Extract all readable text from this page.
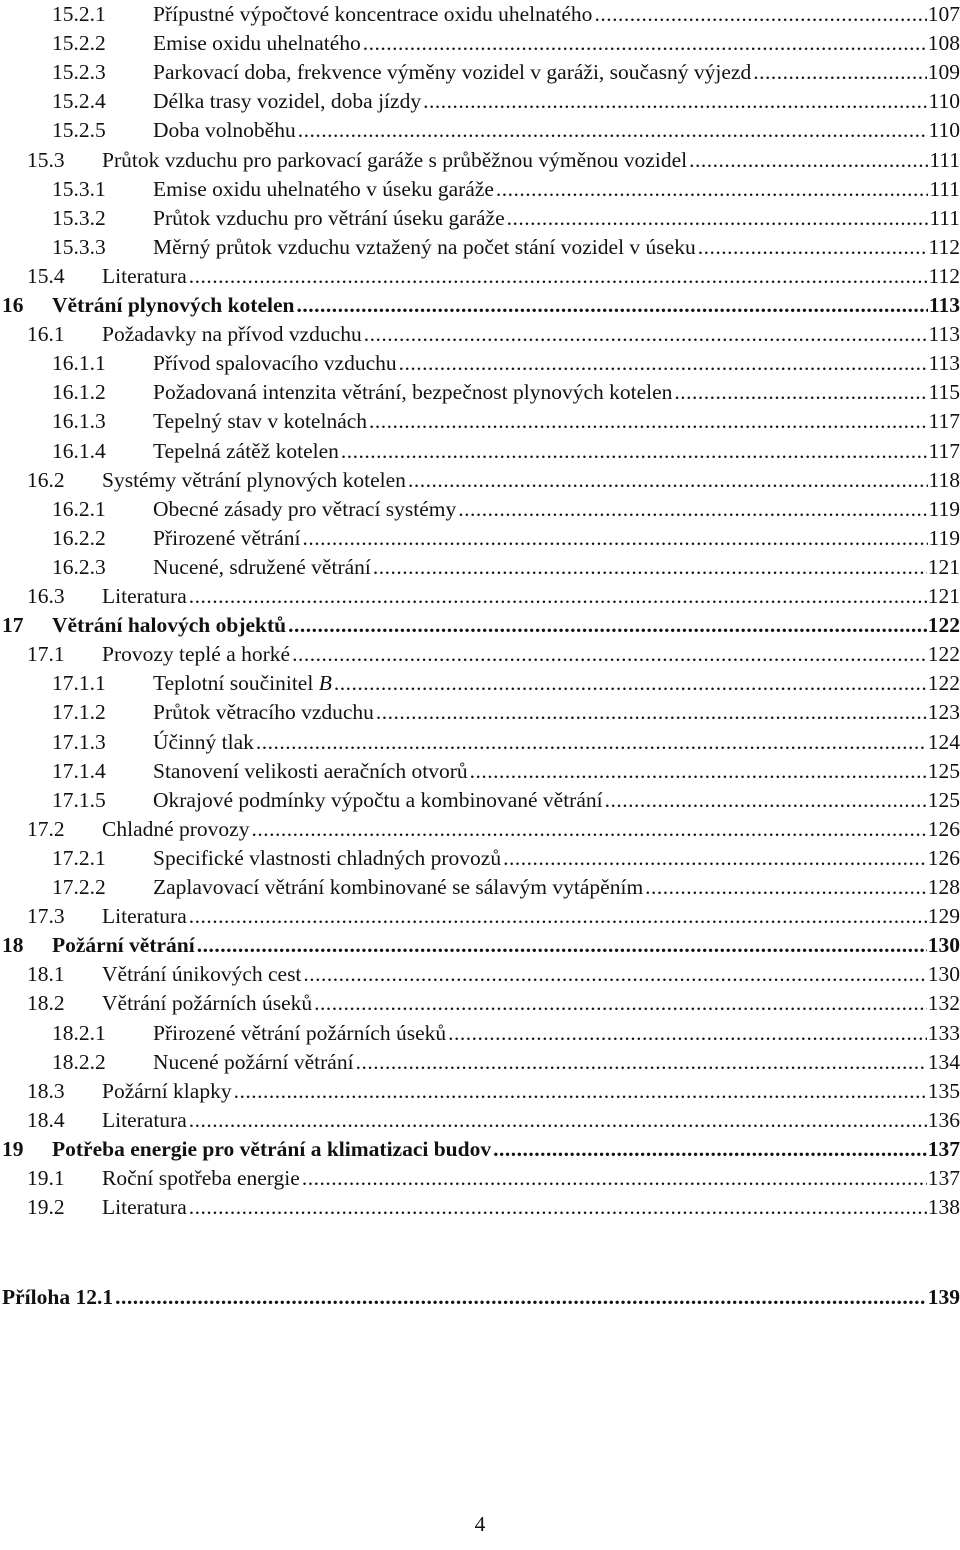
15.2.1 Přípustné výpočtové koncentrace oxidu uhelnatého .....	107
15.2.2 Emise oxidu uhelnatého .....	108
15.2.3 Parkovací doba, frekvence výměny vozidel v garáži, současný výjezd .....	109
15.2.4 Délka trasy vozidel, doba jízdy .....	110
15.2.5 Doba volnoběhu .....	110
15.3 Průtok vzduchu pro parkovací garáže s průběžnou výměnou vozidel .....	111
15.3.1 Emise oxidu uhelnatého v úseku garáže .....	111
15.3.2 Průtok vzduchu pro větrání úseku garáže .....	111
15.3.3 Měrný průtok vzduchu vztažený na počet stání vozidel v úseku .....	112
15.4 Literatura .....	112
16 Větrání plynových kotelen .....	113
16.1 Požadavky na přívod vzduchu .....	113
16.1.1 Přívod spalovacího vzduchu .....	113
16.1.2 Požadovaná intenzita větrání, bezpečnost plynových kotelen .....	115
16.1.3 Tepelný stav v kotelnách .....	117
16.1.4 Tepelná zátěž kotelen .....	117
16.2 Systémy větrání plynových kotelen .....	118
16.2.1 Obecné zásady pro větrací systémy .....	119
16.2.2 Přirozené větrání .....	119
16.2.3 Nucené, sdružené větrání .....	121
16.3 Literatura .....	121
17 Větrání halových objektů .....	122
17.1 Provozy teplé a horké .....	122
17.1.1 Teplotní součinitel B .....	122
17.1.2 Průtok větracího vzduchu .....	123
17.1.3 Účinný tlak .....	124
17.1.4 Stanovení velikosti aeračních otvorů .....	125
17.1.5 Okrajové podmínky výpočtu a kombinované větrání .....	125
17.2 Chladné provozy .....	126
17.2.1 Specifické vlastnosti chladných provozů .....	126
17.2.2 Zaplavovací větrání kombinované se sálavým vytápěním .....	128
17.3 Literatura .....	129
18 Požární větrání .....	130
18.1 Větrání únikových cest .....	130
18.2 Větrání požárních úseků .....	132
18.2.1 Přirozené větrání požárních úseků .....	133
18.2.2 Nucené požární větrání .....	134
18.3 Požární klapky .....	135
18.4 Literatura .....	136
19 Potřeba energie pro větrání a klimatizaci budov .....	137
19.1 Roční spotřeba energie .....	137
19.2 Literatura .....	138
Příloha 12.1 .....	139
4
